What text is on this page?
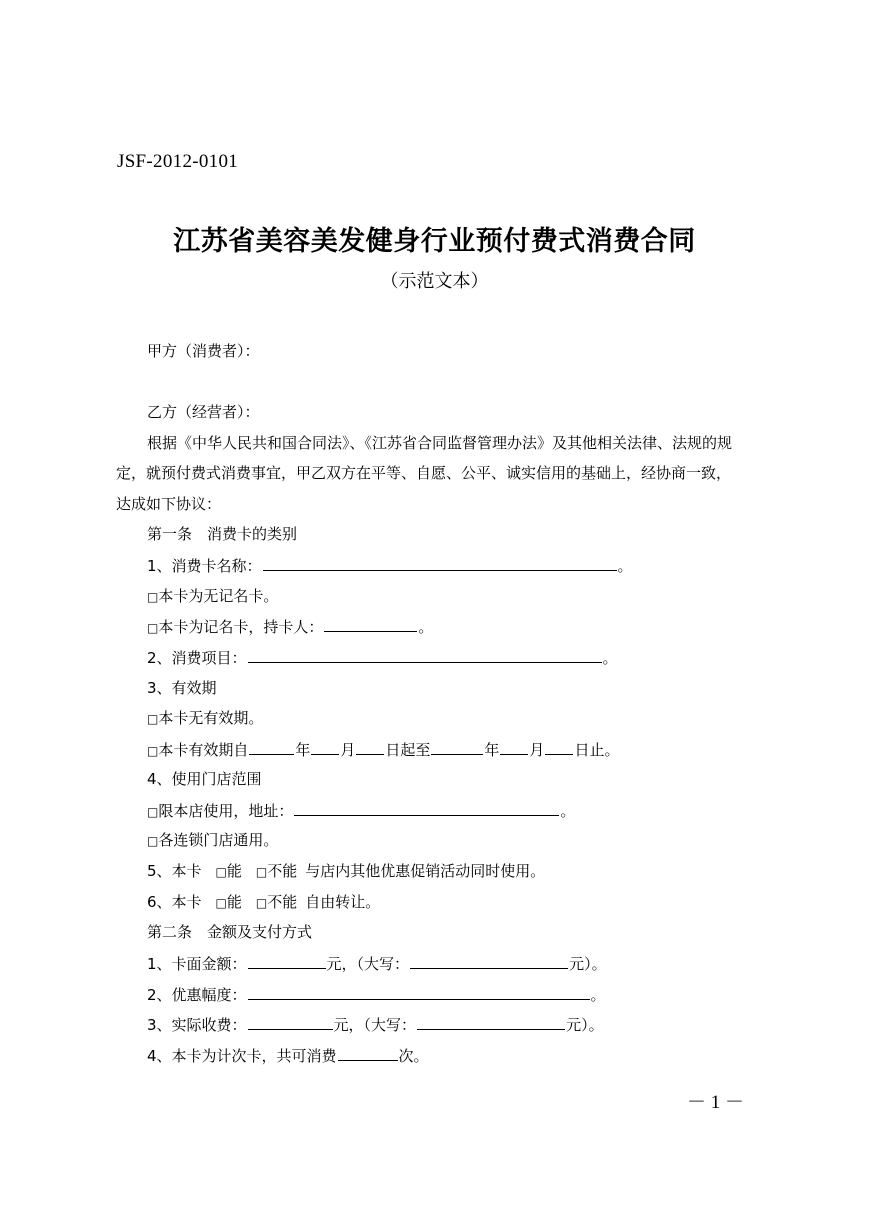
JSF-2012-0101
江苏省美容美发健身行业预付费式消费合同
（示范文本）
甲方（消费者）：
乙方（经营者）：
根据《中华人民共和国合同法》、《江苏省合同监督管理办法》及其他相关法律、法规的规
定，就预付费式消费事宜，甲乙双方在平等、自愿、公平、诚实信用的基础上，经协商一致，
达成如下协议：
第一条　消费卡的类别
1、消费卡名称：	。
□本卡为无记名卡。
□本卡为记名卡，持卡人：	。
2、消费项目：	。
3、有效期
□本卡无有效期。
□本卡有效期自	年 月 日起至	年 月 日止。
4、使用门店范围
□限本店使用，地址：	。
□各连锁门店通用。
5、本卡 □能 □不能 与店内其他优惠促销活动同时使用。
6、本卡 □能 □不能 自由转让。
第二条　金额及支付方式
1、卡面金额：	元，（大写：	元）。
2、优惠幅度：	。
3、实际收费：	元，（大写：	元）。
4、本卡为计次卡，共可消费	次。
－ 1 －
